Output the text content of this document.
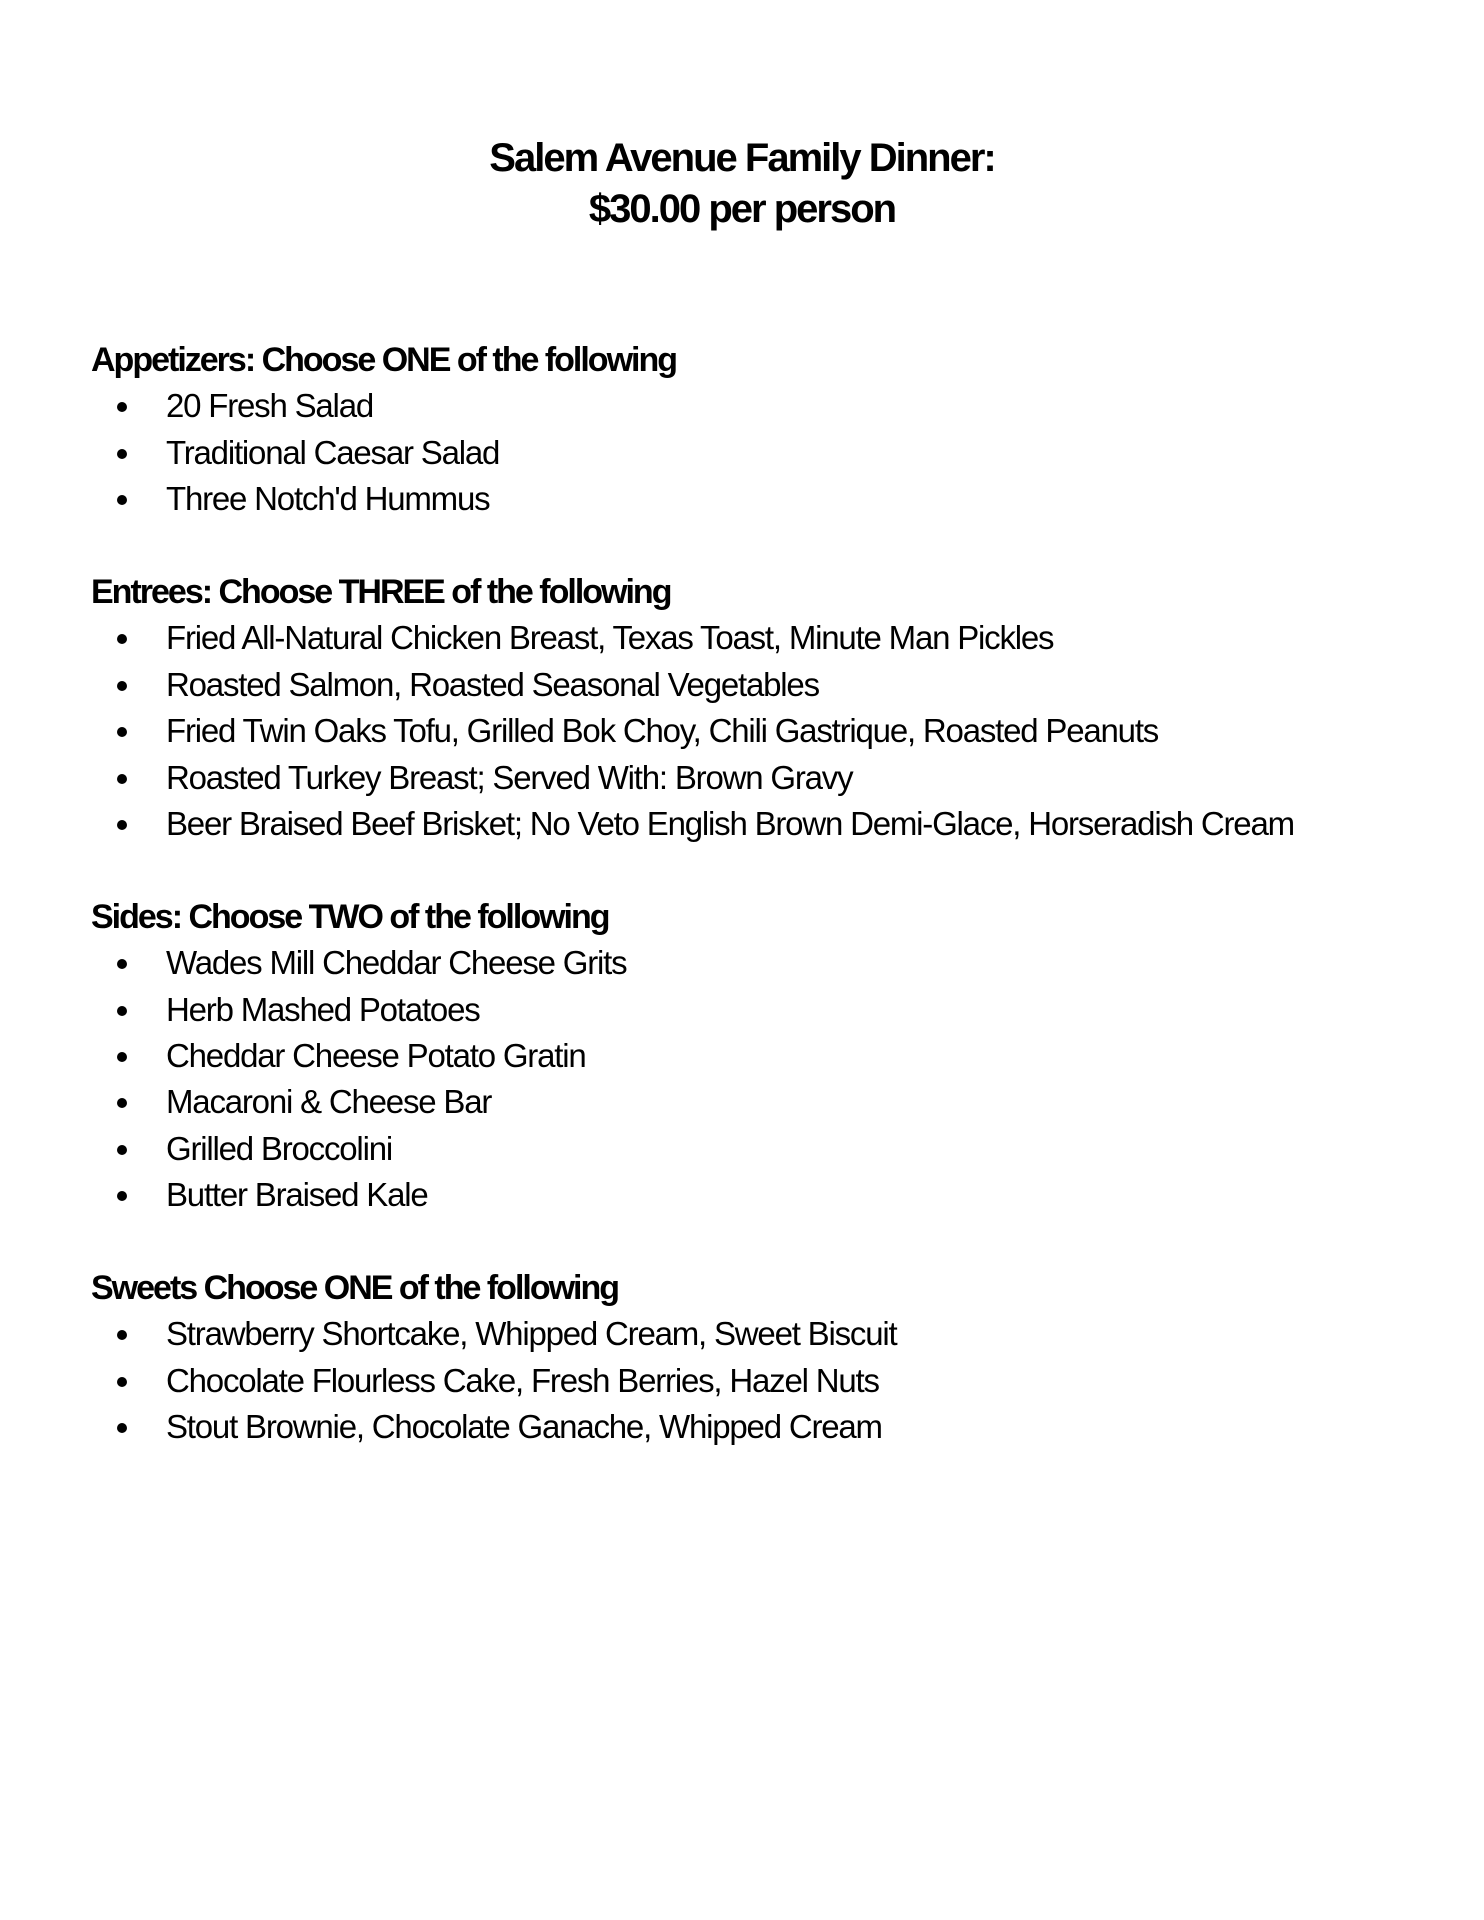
Salem Avenue Family Dinner:
$30.00 per person
Appetizers: Choose ONE of the following
20 Fresh Salad
Traditional Caesar Salad
Three Notch'd Hummus
Entrees: Choose THREE of the following
Fried All-Natural Chicken Breast, Texas Toast, Minute Man Pickles
Roasted Salmon, Roasted Seasonal Vegetables
Fried Twin Oaks Tofu, Grilled Bok Choy, Chili Gastrique, Roasted Peanuts
Roasted Turkey Breast; Served With: Brown Gravy
Beer Braised Beef Brisket; No Veto English Brown Demi-Glace, Horseradish Cream
Sides: Choose TWO of the following
Wades Mill Cheddar Cheese Grits
Herb Mashed Potatoes
Cheddar Cheese Potato Gratin
Macaroni & Cheese Bar
Grilled Broccolini
Butter Braised Kale
Sweets Choose ONE of the following
Strawberry Shortcake, Whipped Cream, Sweet Biscuit
Chocolate Flourless Cake, Fresh Berries, Hazel Nuts
Stout Brownie, Chocolate Ganache, Whipped Cream
